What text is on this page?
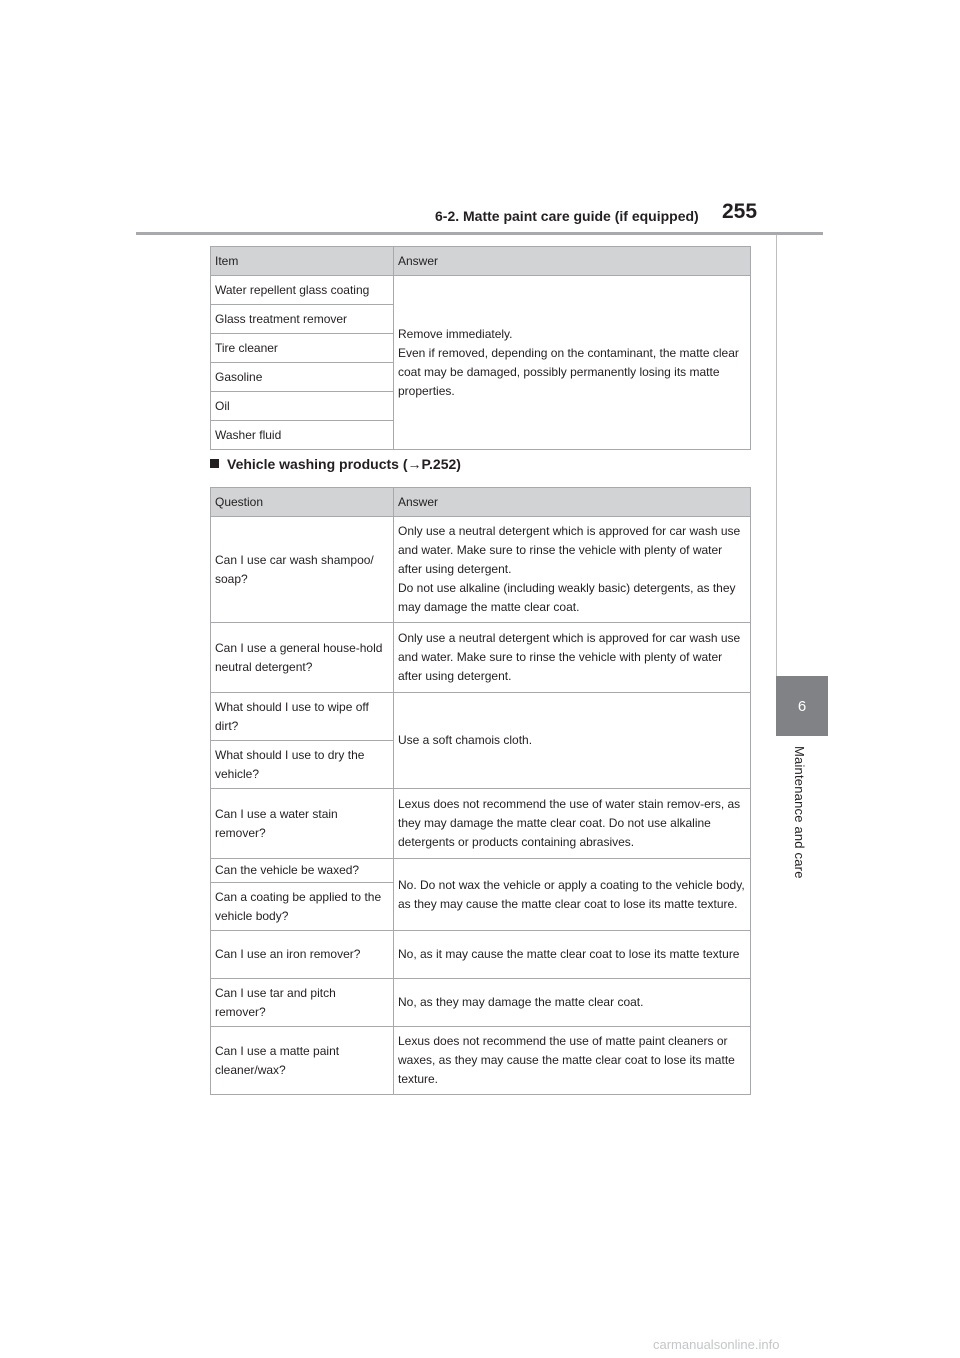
6-2. Matte paint care guide (if equipped) 255
6
Maintenance and care
Item	Answer
Water repellent glass coating	Remove immediately.
Even if removed, depending on the contaminant, the matte clear coat may be damaged, possibly permanently losing its matte properties.
Glass treatment remover	
Tire cleaner	
Gasoline	
Oil	
Washer fluid	
Vehicle washing products (→P.252)
Question	Answer
Can I use car wash shampoo/ soap?	Only use a neutral detergent which is approved for car wash use and water. Make sure to rinse the vehicle with plenty of water after using detergent.
Do not use alkaline (including weakly basic) detergents, as they may damage the matte clear coat.
Can I use a general house-hold neutral detergent?	Only use a neutral detergent which is approved for car wash use and water. Make sure to rinse the vehicle with plenty of water after using detergent.
What should I use to wipe off dirt?	Use a soft chamois cloth.
What should I use to dry the vehicle?	
Can I use a water stain remover?	Lexus does not recommend the use of water stain remov-ers, as they may damage the matte clear coat. Do not use alkaline detergents or products containing abrasives.
Can the vehicle be waxed?	No. Do not wax the vehicle or apply a coating to the vehicle body, as they may cause the matte clear coat to lose its matte texture.
Can a coating be applied to the vehicle body?	
Can I use an iron remover?	No, as it may cause the matte clear coat to lose its matte texture
Can I use tar and pitch remover?	No, as they may damage the matte clear coat.
Can I use a matte paint cleaner/wax?	Lexus does not recommend the use of matte paint cleaners or waxes, as they may cause the matte clear coat to lose its matte texture.
carmanualsonline.info
